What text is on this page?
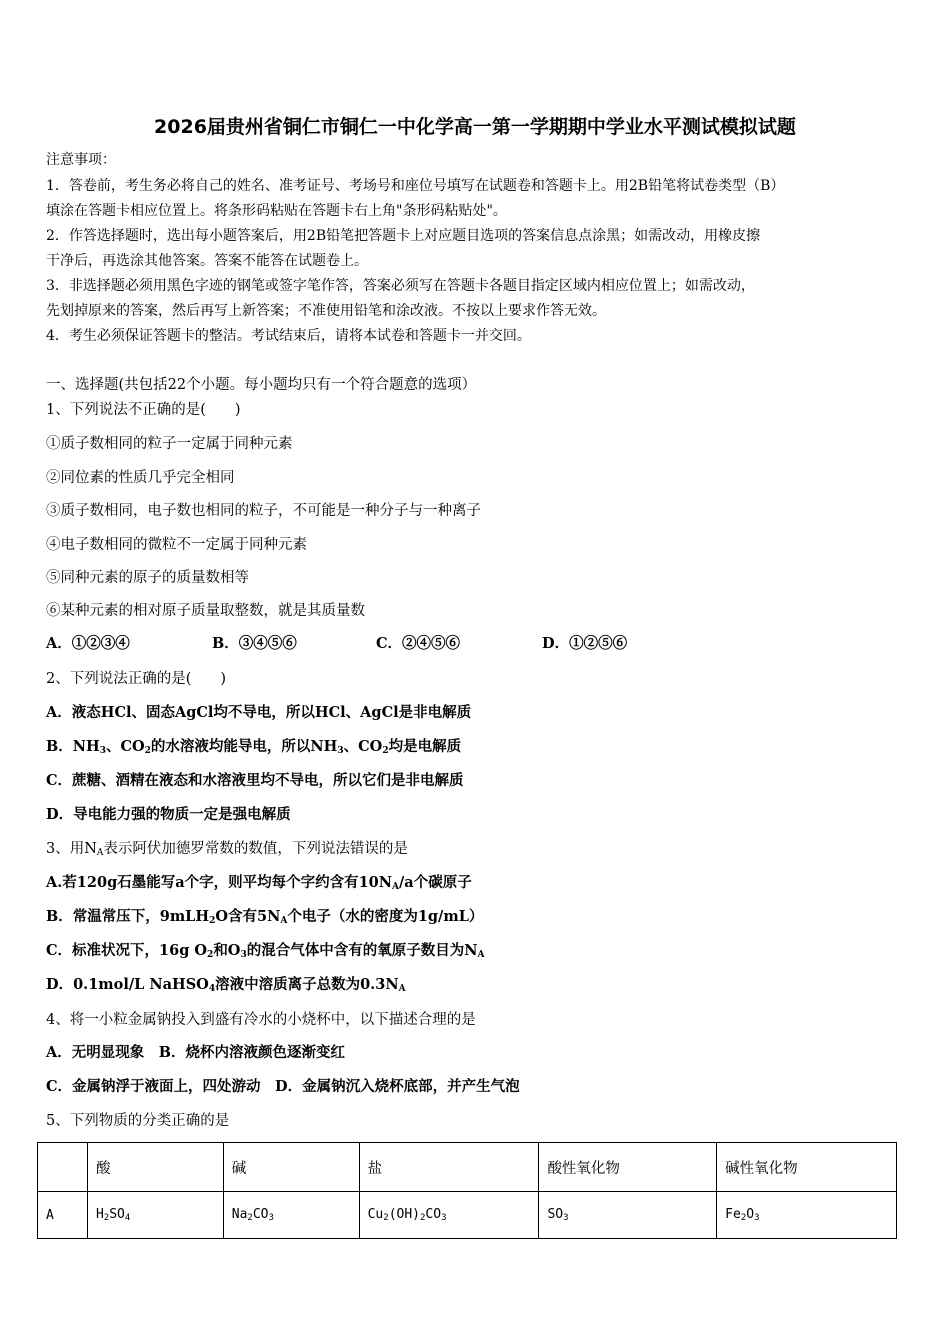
2026届贵州省铜仁市铜仁一中化学高一第一学期期中学业水平测试模拟试题
注意事项：
1．答卷前，考生务必将自己的姓名、准考证号、考场号和座位号填写在试题卷和答题卡上。用2B铅笔将试卷类型（B）
填涂在答题卡相应位置上。将条形码粘贴在答题卡右上角"条形码粘贴处"。
2．作答选择题时，选出每小题答案后，用2B铅笔把答题卡上对应题目选项的答案信息点涂黑；如需改动，用橡皮擦
干净后，再选涂其他答案。答案不能答在试题卷上。
3．非选择题必须用黑色字迹的钢笔或签字笔作答，答案必须写在答题卡各题目指定区域内相应位置上；如需改动，
先划掉原来的答案，然后再写上新答案；不准使用铅笔和涂改液。不按以上要求作答无效。
4．考生必须保证答题卡的整洁。考试结束后，请将本试卷和答题卡一并交回。
一、选择题(共包括22个小题。每小题均只有一个符合题意的选项）
1、下列说法不正确的是(　　)
①质子数相同的粒子一定属于同种元素
②同位素的性质几乎完全相同
③质子数相同，电子数也相同的粒子，不可能是一种分子与一种离子
④电子数相同的微粒不一定属于同种元素
⑤同种元素的原子的质量数相等
⑥某种元素的相对原子质量取整数，就是其质量数
A．①②③④	B．③④⑤⑥	C．②④⑤⑥	D．①②⑤⑥
2、下列说法正确的是(　　)
A．液态HCl、固态AgCl均不导电，所以HCl、AgCl是非电解质
B．$NH_3$、$CO_2$的水溶液均能导电，所以$NH_3$、$CO_2$均是电解质
C．蔗糖、酒精在液态和水溶液里均不导电，所以它们是非电解质
D．导电能力强的物质一定是强电解质
3、用$N_A$表示阿伏加德罗常数的数值，下列说法错误的是
A.若120g石墨能写a个字，则平均每个字约含有$10N_A/a$个碳原子
B．常温常压下，9mLH$_2$O含有$5N_A$个电子（水的密度为1g/mL）
C．标准状况下，16g $O_2$和$O_3$的混合气体中含有的氧原子数目为$N_A$
D．0.1mol/L NaHSO$_4$溶液中溶质离子总数为$0.3N_A$
4、将一小粒金属钠投入到盛有冷水的小烧杯中，以下描述合理的是
A．无明显现象　B．烧杯内溶液颜色逐渐变红
C．金属钠浮于液面上，四处游动　D．金属钠沉入烧杯底部，并产生气泡
5、下列物质的分类正确的是
	酸	碱	盐	酸性氧化物	碱性氧化物
A	$H_2SO_4$	$Na_2CO_3$	$Cu_2(OH)_2CO_3$	$SO_3$	$Fe_2O_3$
